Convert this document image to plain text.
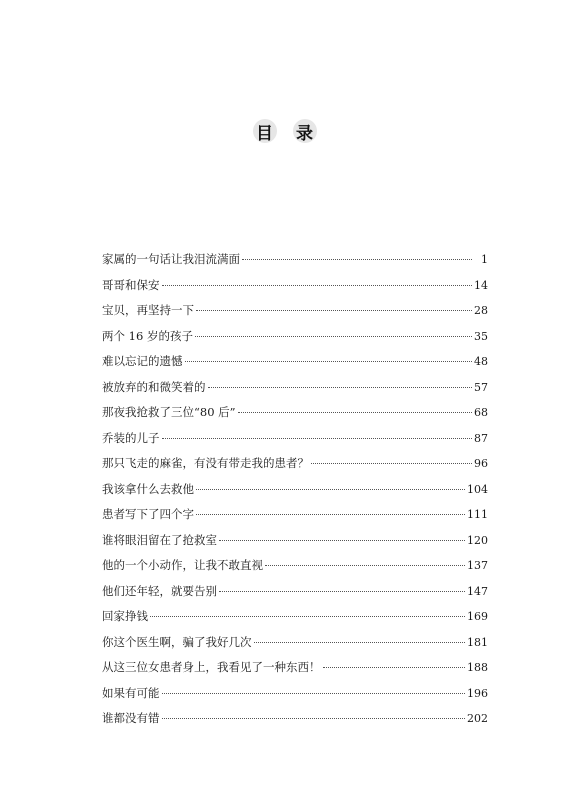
目 录
家属的一句话让我泪流满面	1
哥哥和保安	14
宝贝，再坚持一下	28
两个 16 岁的孩子	35
难以忘记的遗憾	48
被放弃的和微笑着的	57
那夜我抢救了三位“80 后”	68
乔装的儿子	87
那只飞走的麻雀，有没有带走我的患者？	96
我该拿什么去救他	104
患者写下了四个字	111
谁将眼泪留在了抢救室	120
他的一个小动作，让我不敢直视	137
他们还年轻，就要告别	147
回家挣钱	169
你这个医生啊，骗了我好几次	181
从这三位女患者身上，我看见了一种东西！	188
如果有可能	196
谁都没有错	202
